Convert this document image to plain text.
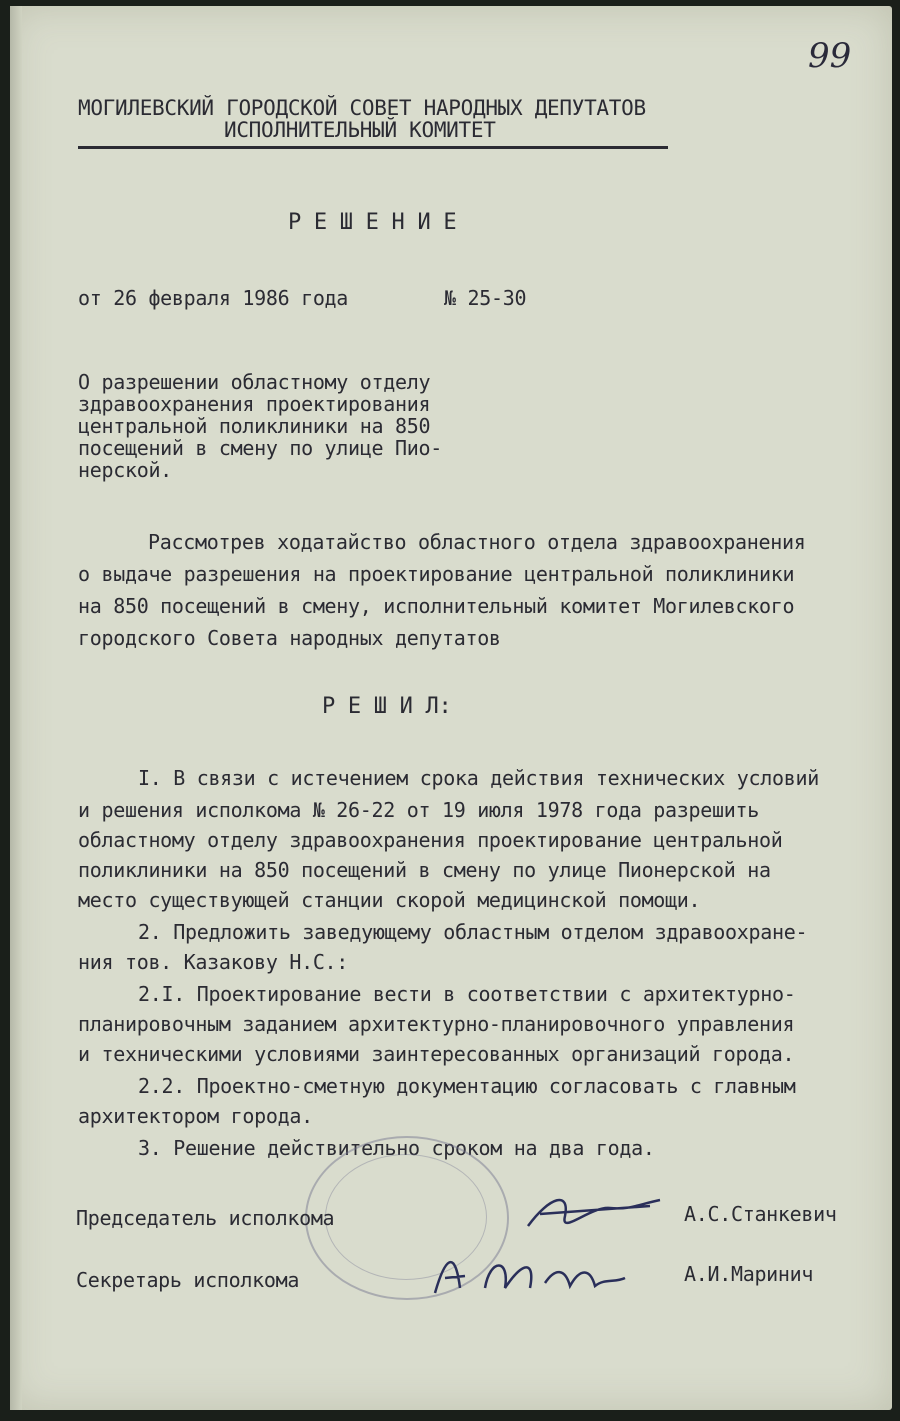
99
МОГИЛЕВСКИЙ ГОРОДСКОЙ СОВЕТ НАРОДНЫХ ДЕПУТАТОВ
ИСПОЛНИТЕЛЬНЫЙ КОМИТЕТ
Р Е Ш Е Н И Е
от 26 февраля 1986 года	№ 25-30
О разрешении областному отделу
здравоохранения проектирования
центральной поликлиники на 850
посещений в смену по улице Пио-
нерской.
Рассмотрев ходатайство областного отдела здравоохранения
о выдаче разрешения на проектирование центральной поликлиники
на 850 посещений в смену, исполнительный комитет Могилевского
городского Совета народных депутатов
Р Е Ш И Л:
I. В связи с истечением срока действия технических условий
и решения исполкома № 26-22 от 19 июля 1978 года разрешить
областному отделу здравоохранения проектирование центральной
поликлиники на 850 посещений в смену по улице Пионерской на
место существующей станции скорой медицинской помощи.
2. Предложить заведующему областным отделом здравоохране-
ния тов. Казакову Н.С.:
2.I. Проектирование вести в соответствии с архитектурно-
планировочным заданием архитектурно-планировочного управления
и техническими условиями заинтересованных организаций города.
2.2. Проектно-сметную документацию согласовать с главным
архитектором города.
3. Решение действительно сроком на два года.
Председатель исполкома	А.С.Станкевич
Секретарь исполкома	А.И.Маринич
